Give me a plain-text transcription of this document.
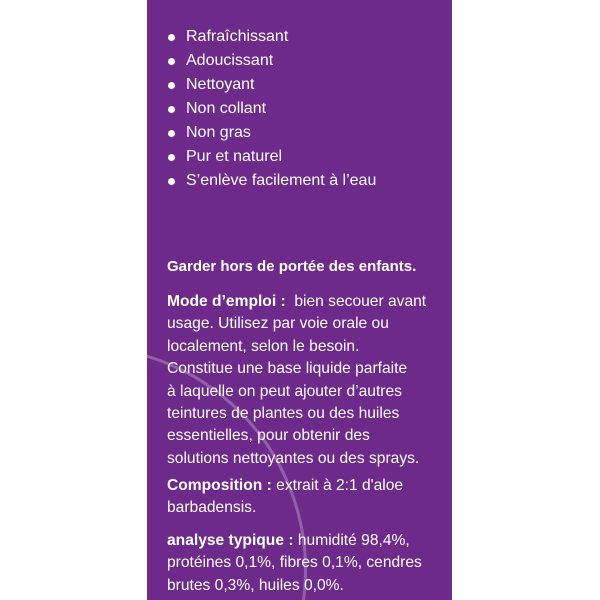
Rafraîchissant
Adoucissant
Nettoyant
Non collant
Non gras
Pur et naturel
S’enlève facilement à l’eau
Garder hors de portée des enfants.
Mode d’emploi : bien secouer avant
usage. Utilisez par voie orale ou
localement, selon le besoin.
Constitue une base liquide parfaite
à laquelle on peut ajouter d’autres
teintures de plantes ou des huiles
essentielles, pour obtenir des
solutions nettoyantes ou des sprays.
Composition : extrait à 2:1 d'aloe
barbadensis.
analyse typique : humidité 98,4%,
protéines 0,1%, fibres 0,1%, cendres
brutes 0,3%, huiles 0,0%.
